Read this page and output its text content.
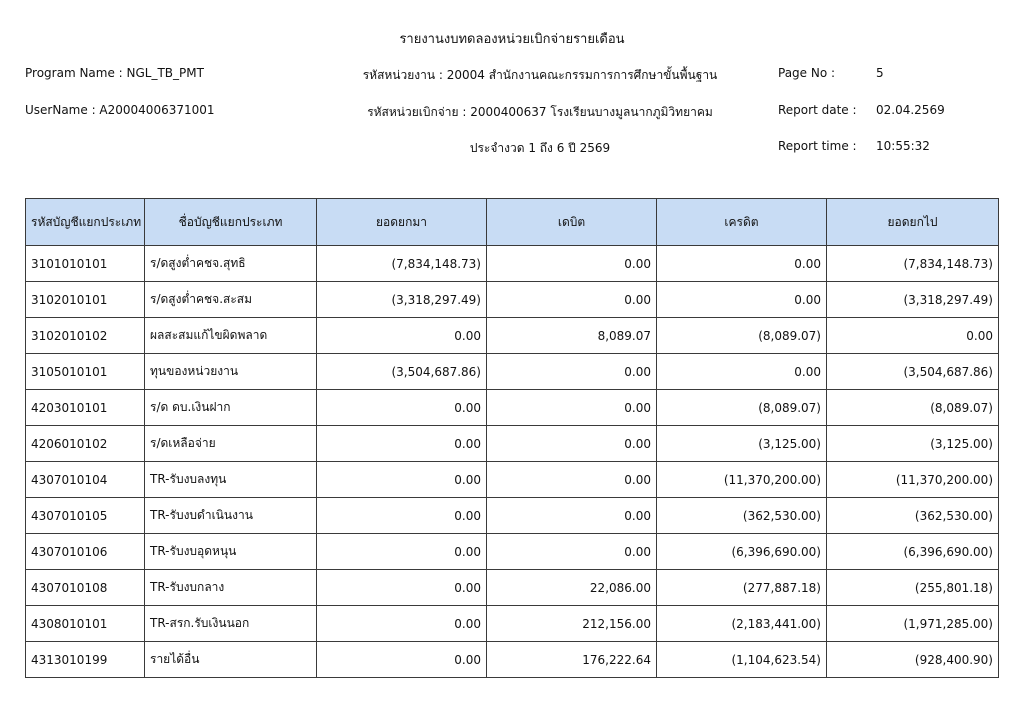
รายงานงบทดลองหน่วยเบิกจ่ายรายเดือน
Program Name : NGL_TB_PMT	รหัสหน่วยงาน : 20004 สำนักงานคณะกรรมการการศึกษาขั้นพื้นฐาน	Page No :	5
UserName : A20004006371001	รหัสหน่วยเบิกจ่าย : 2000400637 โรงเรียนบางมูลนากภูมิวิทยาคม	Report date : 02.04.2569
ประจำงวด 1 ถึง 6 ปี 2569	Report time : 10:55:32
รหัสบัญชีแยกประเภท	ชื่อบัญชีแยกประเภท	ยอดยกมา	เดบิต	เครดิต	ยอดยกไป
3101010101	ร/ดสูงต่ำคชจ.สุทธิ	(7,834,148.73)	0.00	0.00	(7,834,148.73)
3102010101	ร/ดสูงต่ำคชจ.สะสม	(3,318,297.49)	0.00	0.00	(3,318,297.49)
3102010102	ผลสะสมแก้ไขผิดพลาด	0.00	8,089.07	(8,089.07)	0.00
3105010101	ทุนของหน่วยงาน	(3,504,687.86)	0.00	0.00	(3,504,687.86)
4203010101	ร/ด ดบ.เงินฝาก	0.00	0.00	(8,089.07)	(8,089.07)
4206010102	ร/ดเหลือจ่าย	0.00	0.00	(3,125.00)	(3,125.00)
4307010104	TR-รับงบลงทุน	0.00	0.00	(11,370,200.00)	(11,370,200.00)
4307010105	TR-รับงบดำเนินงาน	0.00	0.00	(362,530.00)	(362,530.00)
4307010106	TR-รับงบอุดหนุน	0.00	0.00	(6,396,690.00)	(6,396,690.00)
4307010108	TR-รับงบกลาง	0.00	22,086.00	(277,887.18)	(255,801.18)
4308010101	TR-สรก.รับเงินนอก	0.00	212,156.00	(2,183,441.00)	(1,971,285.00)
4313010199	รายได้อื่น	0.00	176,222.64	(1,104,623.54)	(928,400.90)
